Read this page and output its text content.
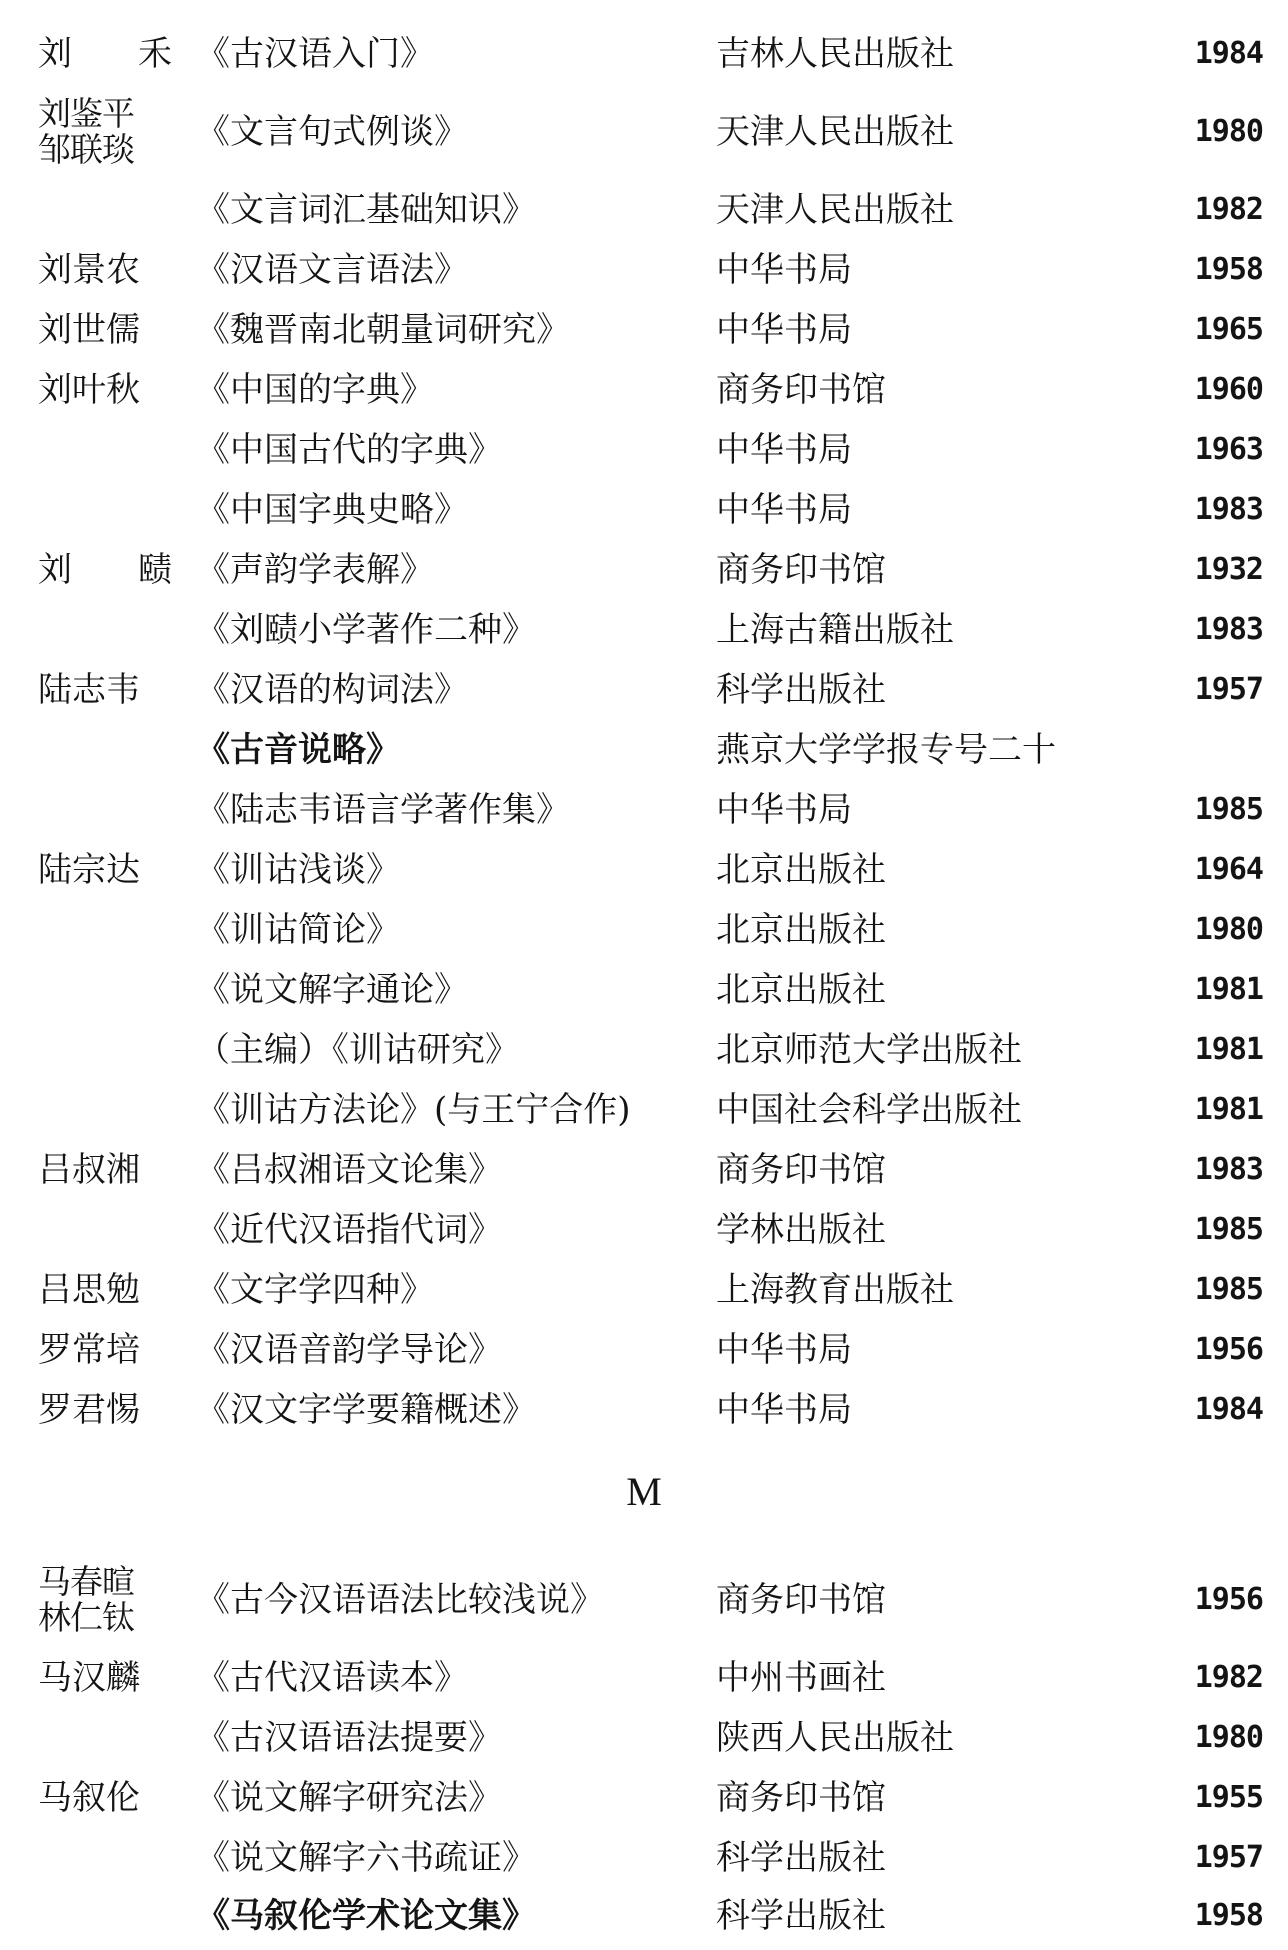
刘　禾 《古汉语入门》	吉林人民出版社	1984
刘鉴平
邹联琰	《文言句式例谈》	天津人民出版社	1980
《文言词汇基础知识》	天津人民出版社	1982
刘景农	《汉语文言语法》	中华书局	1958
刘世儒	《魏晋南北朝量词研究》	中华书局	1965
刘叶秋	《中国的字典》	商务印书馆	1960
《中国古代的字典》	中华书局	1963
《中国字典史略》	中华书局	1983
刘　赜 《声韵学表解》	商务印书馆	1932
《刘赜小学著作二种》	上海古籍出版社	1983
陆志韦	《汉语的构词法》	科学出版社	1957
《古音说略》	燕京大学学报专号二十
《陆志韦语言学著作集》	中华书局	1985
陆宗达	《训诂浅谈》	北京出版社	1964
《训诂简论》	北京出版社	1980
《说文解字通论》	北京出版社	1981
（主编）《训诂研究》	北京师范大学出版社	1981
《训诂方法论》(与王宁合作)	中国社会科学出版社	1981
吕叔湘	《吕叔湘语文论集》	商务印书馆	1983
《近代汉语指代词》	学林出版社	1985
吕思勉	《文字学四种》	上海教育出版社	1985
罗常培	《汉语音韵学导论》	中华书局	1956
罗君惕	《汉文字学要籍概述》	中华书局	1984
M
马春暄
林仁钛	《古今汉语语法比较浅说》	商务印书馆	1956
马汉麟	《古代汉语读本》	中州书画社	1982
《古汉语语法提要》	陕西人民出版社	1980
马叙伦	《说文解字研究法》	商务印书馆	1955
《说文解字六书疏证》	科学出版社	1957
《马叙伦学术论文集》	科学出版社	1958
